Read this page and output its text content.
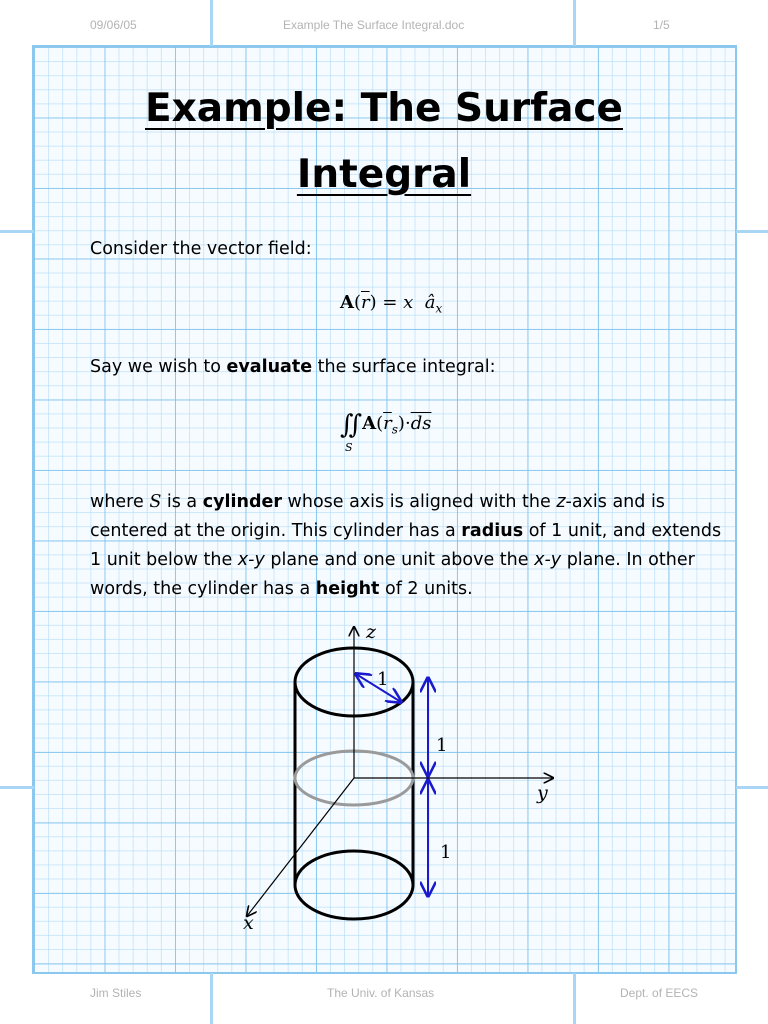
09/06/05	Example The Surface Integral.doc	1/5
Example: The Surface
Integral
Consider the vector field:
$A(\overline{r}) = x$ $â_x$
Say we wish to evaluate the surface integral:
$∬A(\overline{r}_s)\cdot\overline{ds}$
S
where S is a cylinder whose axis is aligned with the z-axis and is centered at the origin. This cylinder has a radius of 1 unit, and extends 1 unit below the x-y plane and one unit above the x-y plane. In other words, the cylinder has a height of 2 units.
z
y
x
1
1
1
Jim Stiles	The Univ. of Kansas	Dept. of EECS
